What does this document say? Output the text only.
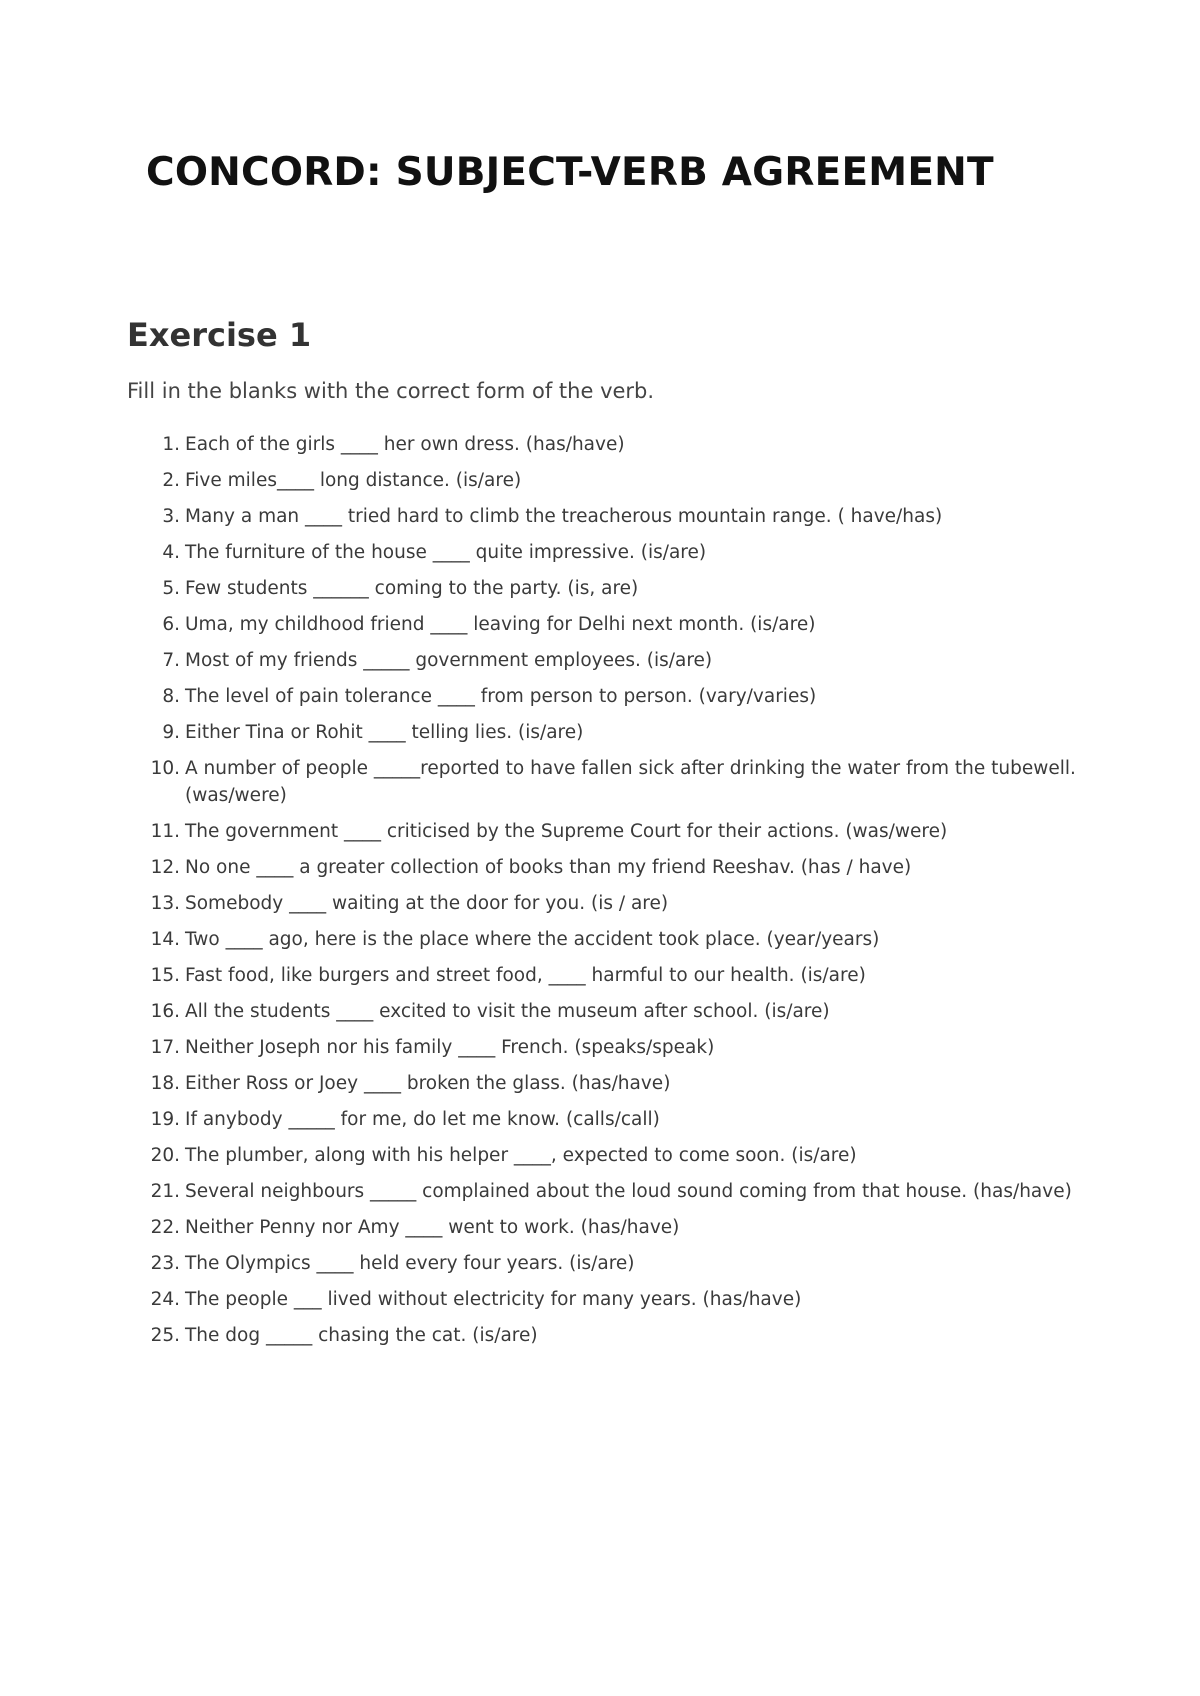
CONCORD: SUBJECT-VERB AGREEMENT
Exercise 1

Fill in the blanks with the correct form of the verb.

1. Each of the girls ____ her own dress. (has/have)
2. Five miles____ long distance. (is/are)
3. Many a man ____ tried hard to climb the treacherous mountain range. ( have/has)
4. The furniture of the house ____ quite impressive. (is/are)
5. Few students ______ coming to the party. (is, are)
6. Uma, my childhood friend ____ leaving for Delhi next month. (is/are)
7. Most of my friends _____ government employees. (is/are)
8. The level of pain tolerance ____ from person to person. (vary/varies)
9. Either Tina or Rohit ____ telling lies. (is/are)
10. A number of people _____reported to have fallen sick after drinking the water from the tubewell. (was/were)
11. The government ____ criticised by the Supreme Court for their actions. (was/were)
12. No one ____ a greater collection of books than my friend Reeshav. (has / have)
13. Somebody ____ waiting at the door for you. (is / are)
14. Two ____ ago, here is the place where the accident took place. (year/years)
15. Fast food, like burgers and street food, ____ harmful to our health. (is/are)
16. All the students ____ excited to visit the museum after school. (is/are)
17. Neither Joseph nor his family ____ French. (speaks/speak)
18. Either Ross or Joey ____ broken the glass. (has/have)
19. If anybody _____ for me, do let me know. (calls/call)
20. The plumber, along with his helper ____, expected to come soon. (is/are)
21. Several neighbours _____ complained about the loud sound coming from that house. (has/have)
22. Neither Penny nor Amy ____ went to work. (has/have)
23. The Olympics ____ held every four years. (is/are)
24. The people ___ lived without electricity for many years. (has/have)
25. The dog _____ chasing the cat. (is/are)
